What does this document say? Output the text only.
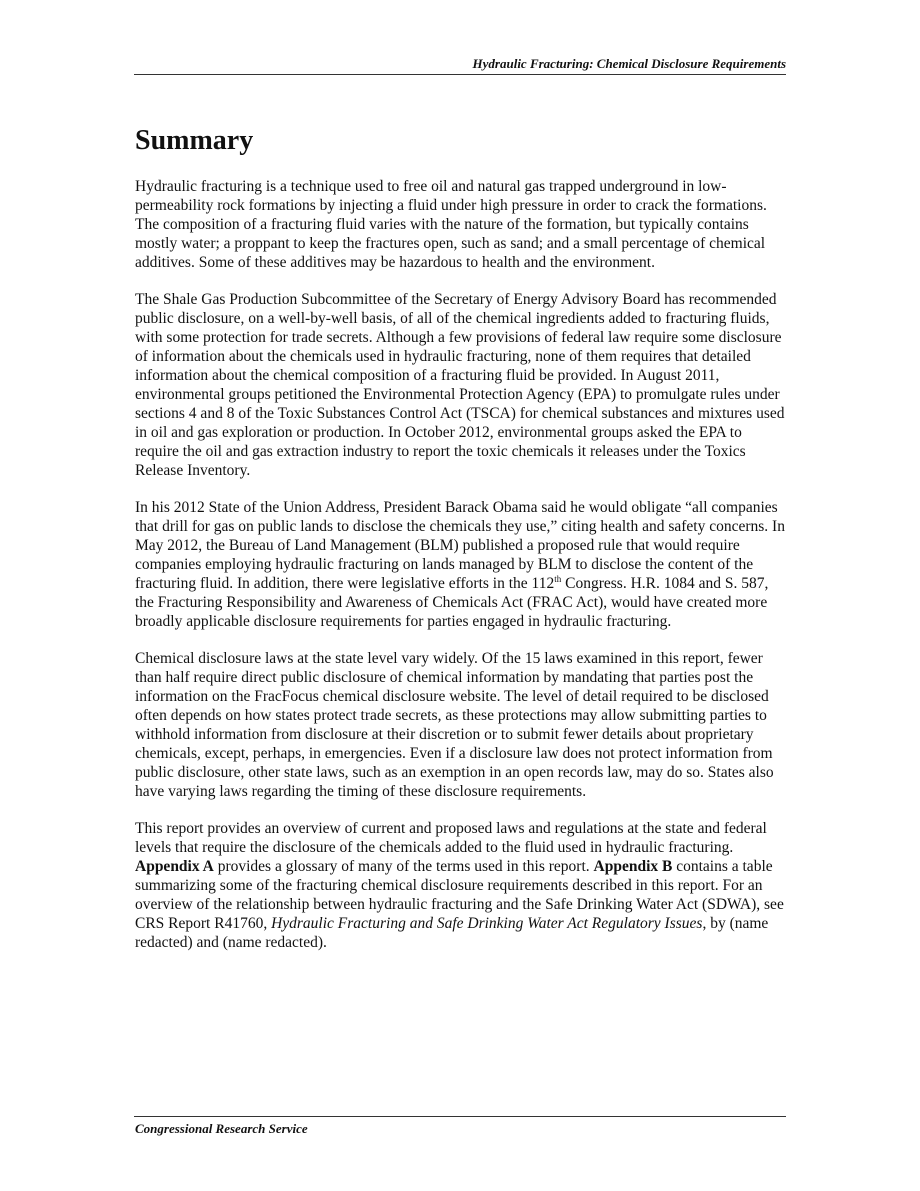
Hydraulic Fracturing: Chemical Disclosure Requirements
Summary

Hydraulic fracturing is a technique used to free oil and natural gas trapped underground in low-permeability rock formations by injecting a fluid under high pressure in order to crack the formations. The composition of a fracturing fluid varies with the nature of the formation, but typically contains mostly water; a proppant to keep the fractures open, such as sand; and a small percentage of chemical additives. Some of these additives may be hazardous to health and the environment.

The Shale Gas Production Subcommittee of the Secretary of Energy Advisory Board has recommended public disclosure, on a well-by-well basis, of all of the chemical ingredients added to fracturing fluids, with some protection for trade secrets. Although a few provisions of federal law require some disclosure of information about the chemicals used in hydraulic fracturing, none of them requires that detailed information about the chemical composition of a fracturing fluid be provided. In August 2011, environmental groups petitioned the Environmental Protection Agency (EPA) to promulgate rules under sections 4 and 8 of the Toxic Substances Control Act (TSCA) for chemical substances and mixtures used in oil and gas exploration or production. In October 2012, environmental groups asked the EPA to require the oil and gas extraction industry to report the toxic chemicals it releases under the Toxics Release Inventory.

In his 2012 State of the Union Address, President Barack Obama said he would obligate “all companies that drill for gas on public lands to disclose the chemicals they use,” citing health and safety concerns. In May 2012, the Bureau of Land Management (BLM) published a proposed rule that would require companies employing hydraulic fracturing on lands managed by BLM to disclose the content of the fracturing fluid. In addition, there were legislative efforts in the 112th Congress. H.R. 1084 and S. 587, the Fracturing Responsibility and Awareness of Chemicals Act (FRAC Act), would have created more broadly applicable disclosure requirements for parties engaged in hydraulic fracturing.

Chemical disclosure laws at the state level vary widely. Of the 15 laws examined in this report, fewer than half require direct public disclosure of chemical information by mandating that parties post the information on the FracFocus chemical disclosure website. The level of detail required to be disclosed often depends on how states protect trade secrets, as these protections may allow submitting parties to withhold information from disclosure at their discretion or to submit fewer details about proprietary chemicals, except, perhaps, in emergencies. Even if a disclosure law does not protect information from public disclosure, other state laws, such as an exemption in an open records law, may do so. States also have varying laws regarding the timing of these disclosure requirements.

This report provides an overview of current and proposed laws and regulations at the state and federal levels that require the disclosure of the chemicals added to the fluid used in hydraulic fracturing. Appendix A provides a glossary of many of the terms used in this report. Appendix B contains a table summarizing some of the fracturing chemical disclosure requirements described in this report. For an overview of the relationship between hydraulic fracturing and the Safe Drinking Water Act (SDWA), see CRS Report R41760, Hydraulic Fracturing and Safe Drinking Water Act Regulatory Issues, by (name redacted) and (name redacted).

Congressional Research Service
